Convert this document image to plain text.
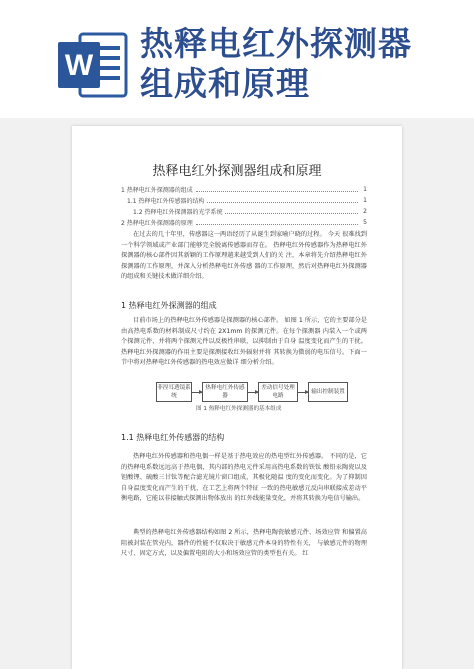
W
热释电红外探测器
组成和原理
热释电红外探测器组成和原理
1 热释电红外探测器的组成	1
1.1 热释电红外传感器的结构	1
1.2 热释电红外探测器的光学系统	2
2 热释电红外探测器的原理	5

在过去的几十年里，传感器这一两语经历了从诞生到家喻户晓的过程。 今天 很难找到一个科学领域或产业部门能够完全脱离传感器而存在。 热释电红外传感器作为热释电红外探测器的核心部件因其新颖的工作原理越来越受到人们的关 注，本章将先介绍热释电红外探测器的工作原理，并深入分析热释电红外传感 器的工作原理，然后对热释电红外探测器的组成和关键技术做详细介绍。

1 热释电红外探测器的组成

目前市场上的热释电红外传感器是探测器的核心部件。 如图 1 所示，它的主要部分是由高热电系数的材料制成尺寸约在 2X1mm 的探测元件。在每个探测器 内装入一个或两个探测元件，并将两个探测元件以反极性串联，以抑制由于自身 温度变化而产生的干扰。热释电红外探测器的作用主要是探测接收红外辐射并将 其转换为微弱的电压信号。下面一节中将对热释电红外传感器的热电效应做详 细分析介绍。

菲涅耳透镜系统
热释电红外传感器
差动信号处理电路
输出控制装置
图 1 热释电红外探测器的基本组成
1.1 热释电红外传感器的结构

热释电红外传感器和热电偶一样是基于热电效应的热电型红外传感器。 不同的是，它的热释电系数远远高于热电偶，其内部的热电元件采用高热电系数的铁钛 酸铅汞陶瓷以及钽酸锂、硫酸三甘钛等配合滤光镜片窗口组成，其极化随温 度的变化而变化。为了抑制因自身温度变化而产生的干扰，在工艺上将两个特征 一致的热电敏感元反向串联接成差动平衡电路，它能以非接触式探测出物体放出 的红外线能量变化，并将其转换为电信号输出。

典型的热释电红外传感器结构如图 2 所示，热释电陶瓷敏感元件、场效应管 和偏置高阻被封装在管壳内，器件的性能不仅取决于敏感元件本身的特性有关， 与敏感元件的物理尺寸、固定方式，以及偏置电阻的大小和场效应管的类型也有关。 红
